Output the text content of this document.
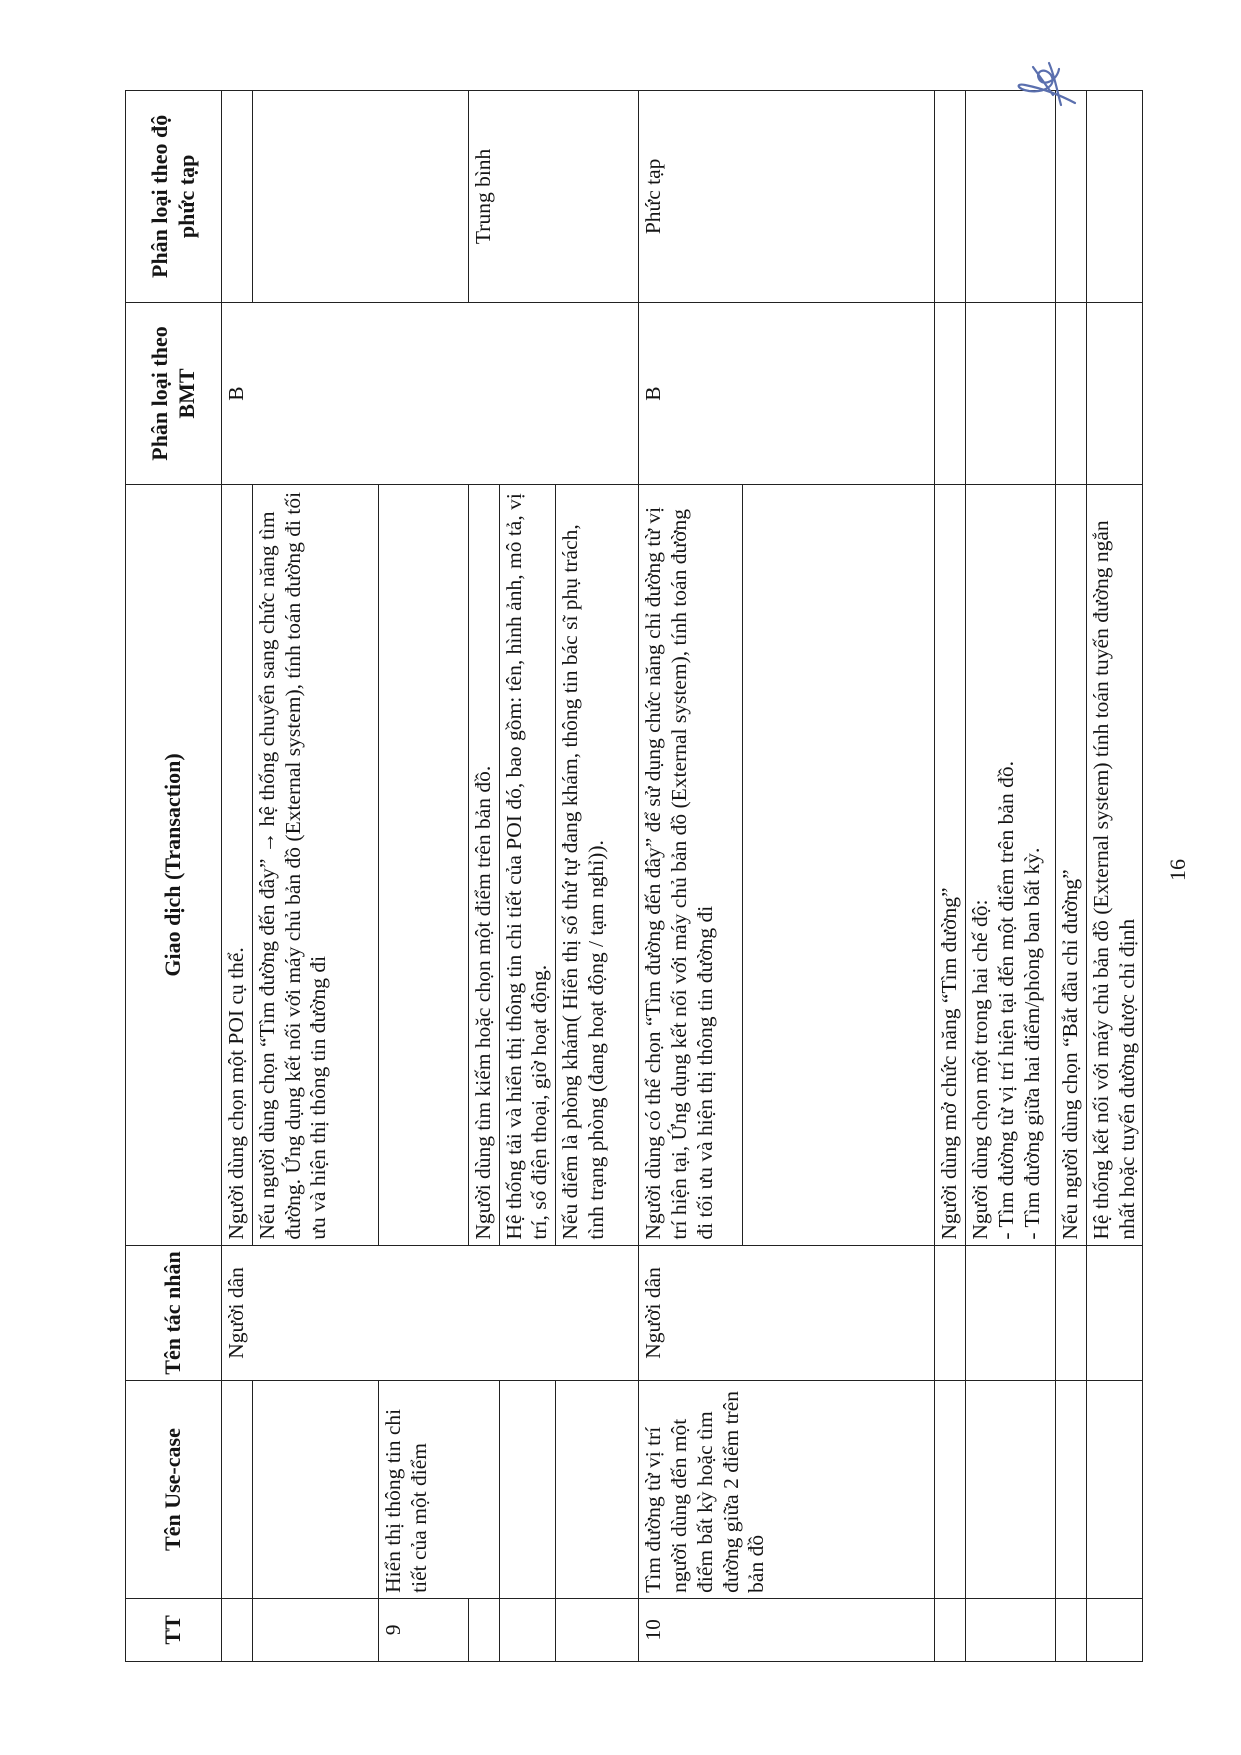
TT	Tên Use-case	Tên tác nhân	Giao dịch (Transaction)	Phân loại theo BMT	Phân loại theo độ phức tạp
		Người dân	Người dùng chọn một POI cụ thể.	B	
			Nếu người dùng chọn “Tìm đường đến đây” → hệ thống chuyển sang chức năng tìm đường. Ứng dụng kết nối với máy chủ bản đồ (External system), tính toán đường đi tối ưu và hiện thị thông tin đường đi		
9	Hiển thị thông tin chi tiết của một điểm				
			Người dùng tìm kiếm hoặc chọn một điểm trên bản đồ.		Trung bình
			Hệ thống tải và hiển thị thông tin chi tiết của POI đó, bao gồm: tên, hình ảnh, mô tả, vị trí, số điện thoại, giờ hoạt động.		
			Nếu điểm là phòng khám( Hiển thị số thứ tự đang khám, thông tin bác sĩ phụ trách, tình trạng phòng (đang hoạt động / tạm nghỉ)).		
10	Tìm đường từ vị trí người dùng đến một điểm bất kỳ hoặc tìm đường giữa 2 điểm trên bản đồ	Người dân	Người dùng có thể chọn “Tìm đường đến đây” để sử dụng chức năng chỉ đường từ vị trí hiện tại, Ứng dụng kết nối với máy chủ bản đồ (External system), tính toán đường đi tối ưu và hiện thị thông tin đường đi	B	Phức tạp

			Người dùng mở chức năng “Tìm đường”		

			Người dùng chọn một trong hai chế độ: - Tìm đường từ vị trí hiện tại đến một điểm trên bản đồ. - Tìm đường giữa hai điểm/phòng ban bất kỳ.		

			Nếu người dùng chọn “Bắt đầu chỉ đường”		
			Hệ thống kết nối với máy chủ bản đồ (External system) tính toán tuyến đường ngắn nhất hoặc tuyến đường được chỉ định		
16
